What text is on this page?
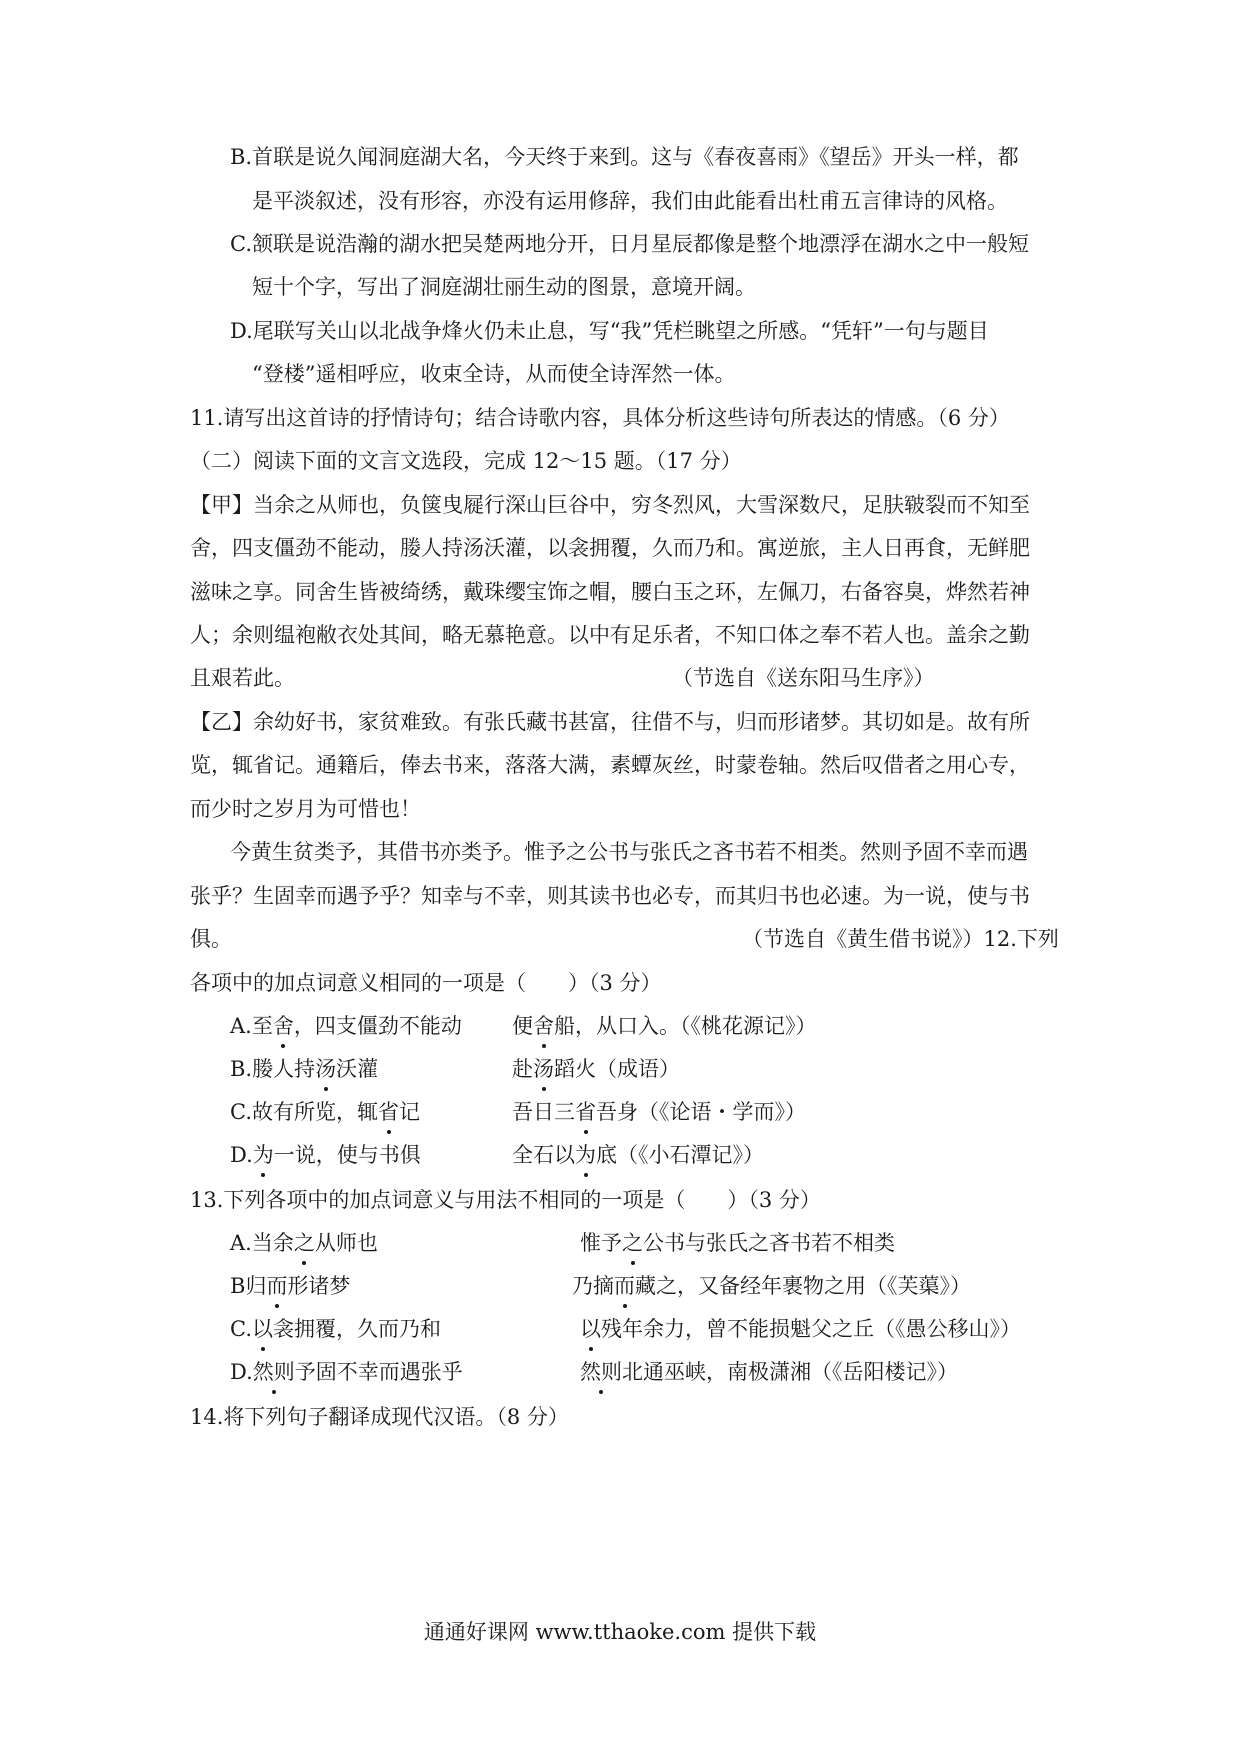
B.首联是说久闻洞庭湖大名，今天终于来到。这与《春夜喜雨》《望岳》开头一样，都
是平淡叙述，没有形容，亦没有运用修辞，我们由此能看出杜甫五言律诗的风格。
C.颔联是说浩瀚的湖水把吴楚两地分开，日月星辰都像是整个地漂浮在湖水之中一般短
短十个字，写出了洞庭湖壮丽生动的图景，意境开阔。
D.尾联写关山以北战争烽火仍未止息，写“我”凭栏眺望之所感。“凭轩”一句与题目
“登楼”遥相呼应，收束全诗，从而使全诗浑然一体。
11.请写出这首诗的抒情诗句；结合诗歌内容，具体分析这些诗句所表达的情感。（6 分）
（二）阅读下面的文言文选段，完成 12～15 题。（17 分）
【甲】当余之从师也，负箧曳屣行深山巨谷中，穷冬烈风，大雪深数尺，足肤皲裂而不知至
舍，四支僵劲不能动，媵人持汤沃灌，以衾拥覆，久而乃和。寓逆旅，主人日再食，无鲜肥
滋味之享。同舍生皆被绮绣，戴珠缨宝饰之帽，腰白玉之环，左佩刀，右备容臭，烨然若神
人；余则缊袍敝衣处其间，略无慕艳意。以中有足乐者，不知口体之奉不若人也。盖余之勤
且艰若此。	（节选自《送东阳马生序》）
【乙】余幼好书，家贫难致。有张氏藏书甚富，往借不与，归而形诸梦。其切如是。故有所
览，辄省记。通籍后，俸去书来，落落大满，素蟫灰丝，时蒙卷轴。然后叹借者之用心专，
而少时之岁月为可惜也！
今黄生贫类予，其借书亦类予。惟予之公书与张氏之吝书若不相类。然则予固不幸而遇
张乎？生固幸而遇予乎？知幸与不幸，则其读书也必专，而其归书也必速。为一说，使与书
俱。	（节选自《黄生借书说》）12.下列
各项中的加点词意义相同的一项是（　　）（3 分）
A.至舍，四支僵劲不能动 便舍船，从口入。（《桃花源记》）
B.媵人持汤沃灌	赴汤蹈火（成语）
C.故有所览，辄省记	吾日三省吾身（《论语・学而》）
D.为一说，使与书俱	全石以为底（《小石潭记》）
13.下列各项中的加点词意义与用法不相同的一项是（　　）（3 分）
A.当余之从师也	惟予之公书与张氏之吝书若不相类
B归而形诸梦	乃摘而藏之，又备经年裹物之用（《芙蕖》）
C.以衾拥覆，久而乃和	以残年余力，曾不能损魁父之丘（《愚公移山》）
D.然则予固不幸而遇张乎	然则北通巫峡，南极潇湘（《岳阳楼记》）
14.将下列句子翻译成现代汉语。（8 分）
通通好课网 www.tthaoke.com 提供下载
